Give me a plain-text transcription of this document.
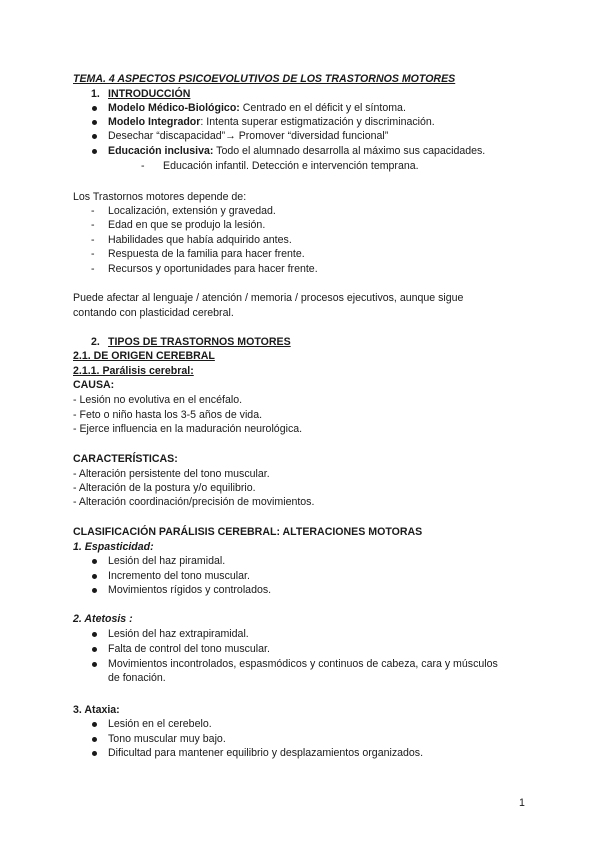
TEMA. 4 ASPECTOS PSICOEVOLUTIVOS DE LOS TRASTORNOS MOTORES
1. INTRODUCCIÓN
Modelo Médico-Biológico: Centrado en el déficit y el síntoma.
Modelo Integrador: Intenta superar estigmatización y discriminación.
Desechar “discapacidad”→ Promover “diversidad funcional”
Educación inclusiva: Todo el alumnado desarrolla al máximo sus capacidades.
- Educación infantil. Detección e intervención temprana.
Los Trastornos motores depende de:
- Localización, extensión y gravedad.
- Edad en que se produjo la lesión.
- Habilidades que había adquirido antes.
- Respuesta de la familia para hacer frente.
- Recursos y oportunidades para hacer frente.
Puede afectar al lenguaje / atención / memoria / procesos ejecutivos, aunque sigue
contando con plasticidad cerebral.
2. TIPOS DE TRASTORNOS MOTORES
2.1. DE ORIGEN CEREBRAL
2.1.1. Parálisis cerebral:
CAUSA:
- Lesión no evolutiva en el encéfalo.
- Feto o niño hasta los 3-5 años de vida.
- Ejerce influencia en la maduración neurológica.
CARACTERÍSTICAS:
- Alteración persistente del tono muscular.
- Alteración de la postura y/o equilibrio.
- Alteración coordinación/precisión de movimientos.
CLASIFICACIÓN PARÁLISIS CEREBRAL: ALTERACIONES MOTORAS
1. Espasticidad:
Lesión del haz piramidal.
Incremento del tono muscular.
Movimientos rígidos y controlados.
2. Atetosis :
Lesión del haz extrapiramidal.
Falta de control del tono muscular.
Movimientos incontrolados, espasmódicos y continuos de cabeza, cara y músculos
de fonación.
3. Ataxia:
Lesión en el cerebelo.
Tono muscular muy bajo.
Dificultad para mantener equilibrio y desplazamientos organizados.
1
